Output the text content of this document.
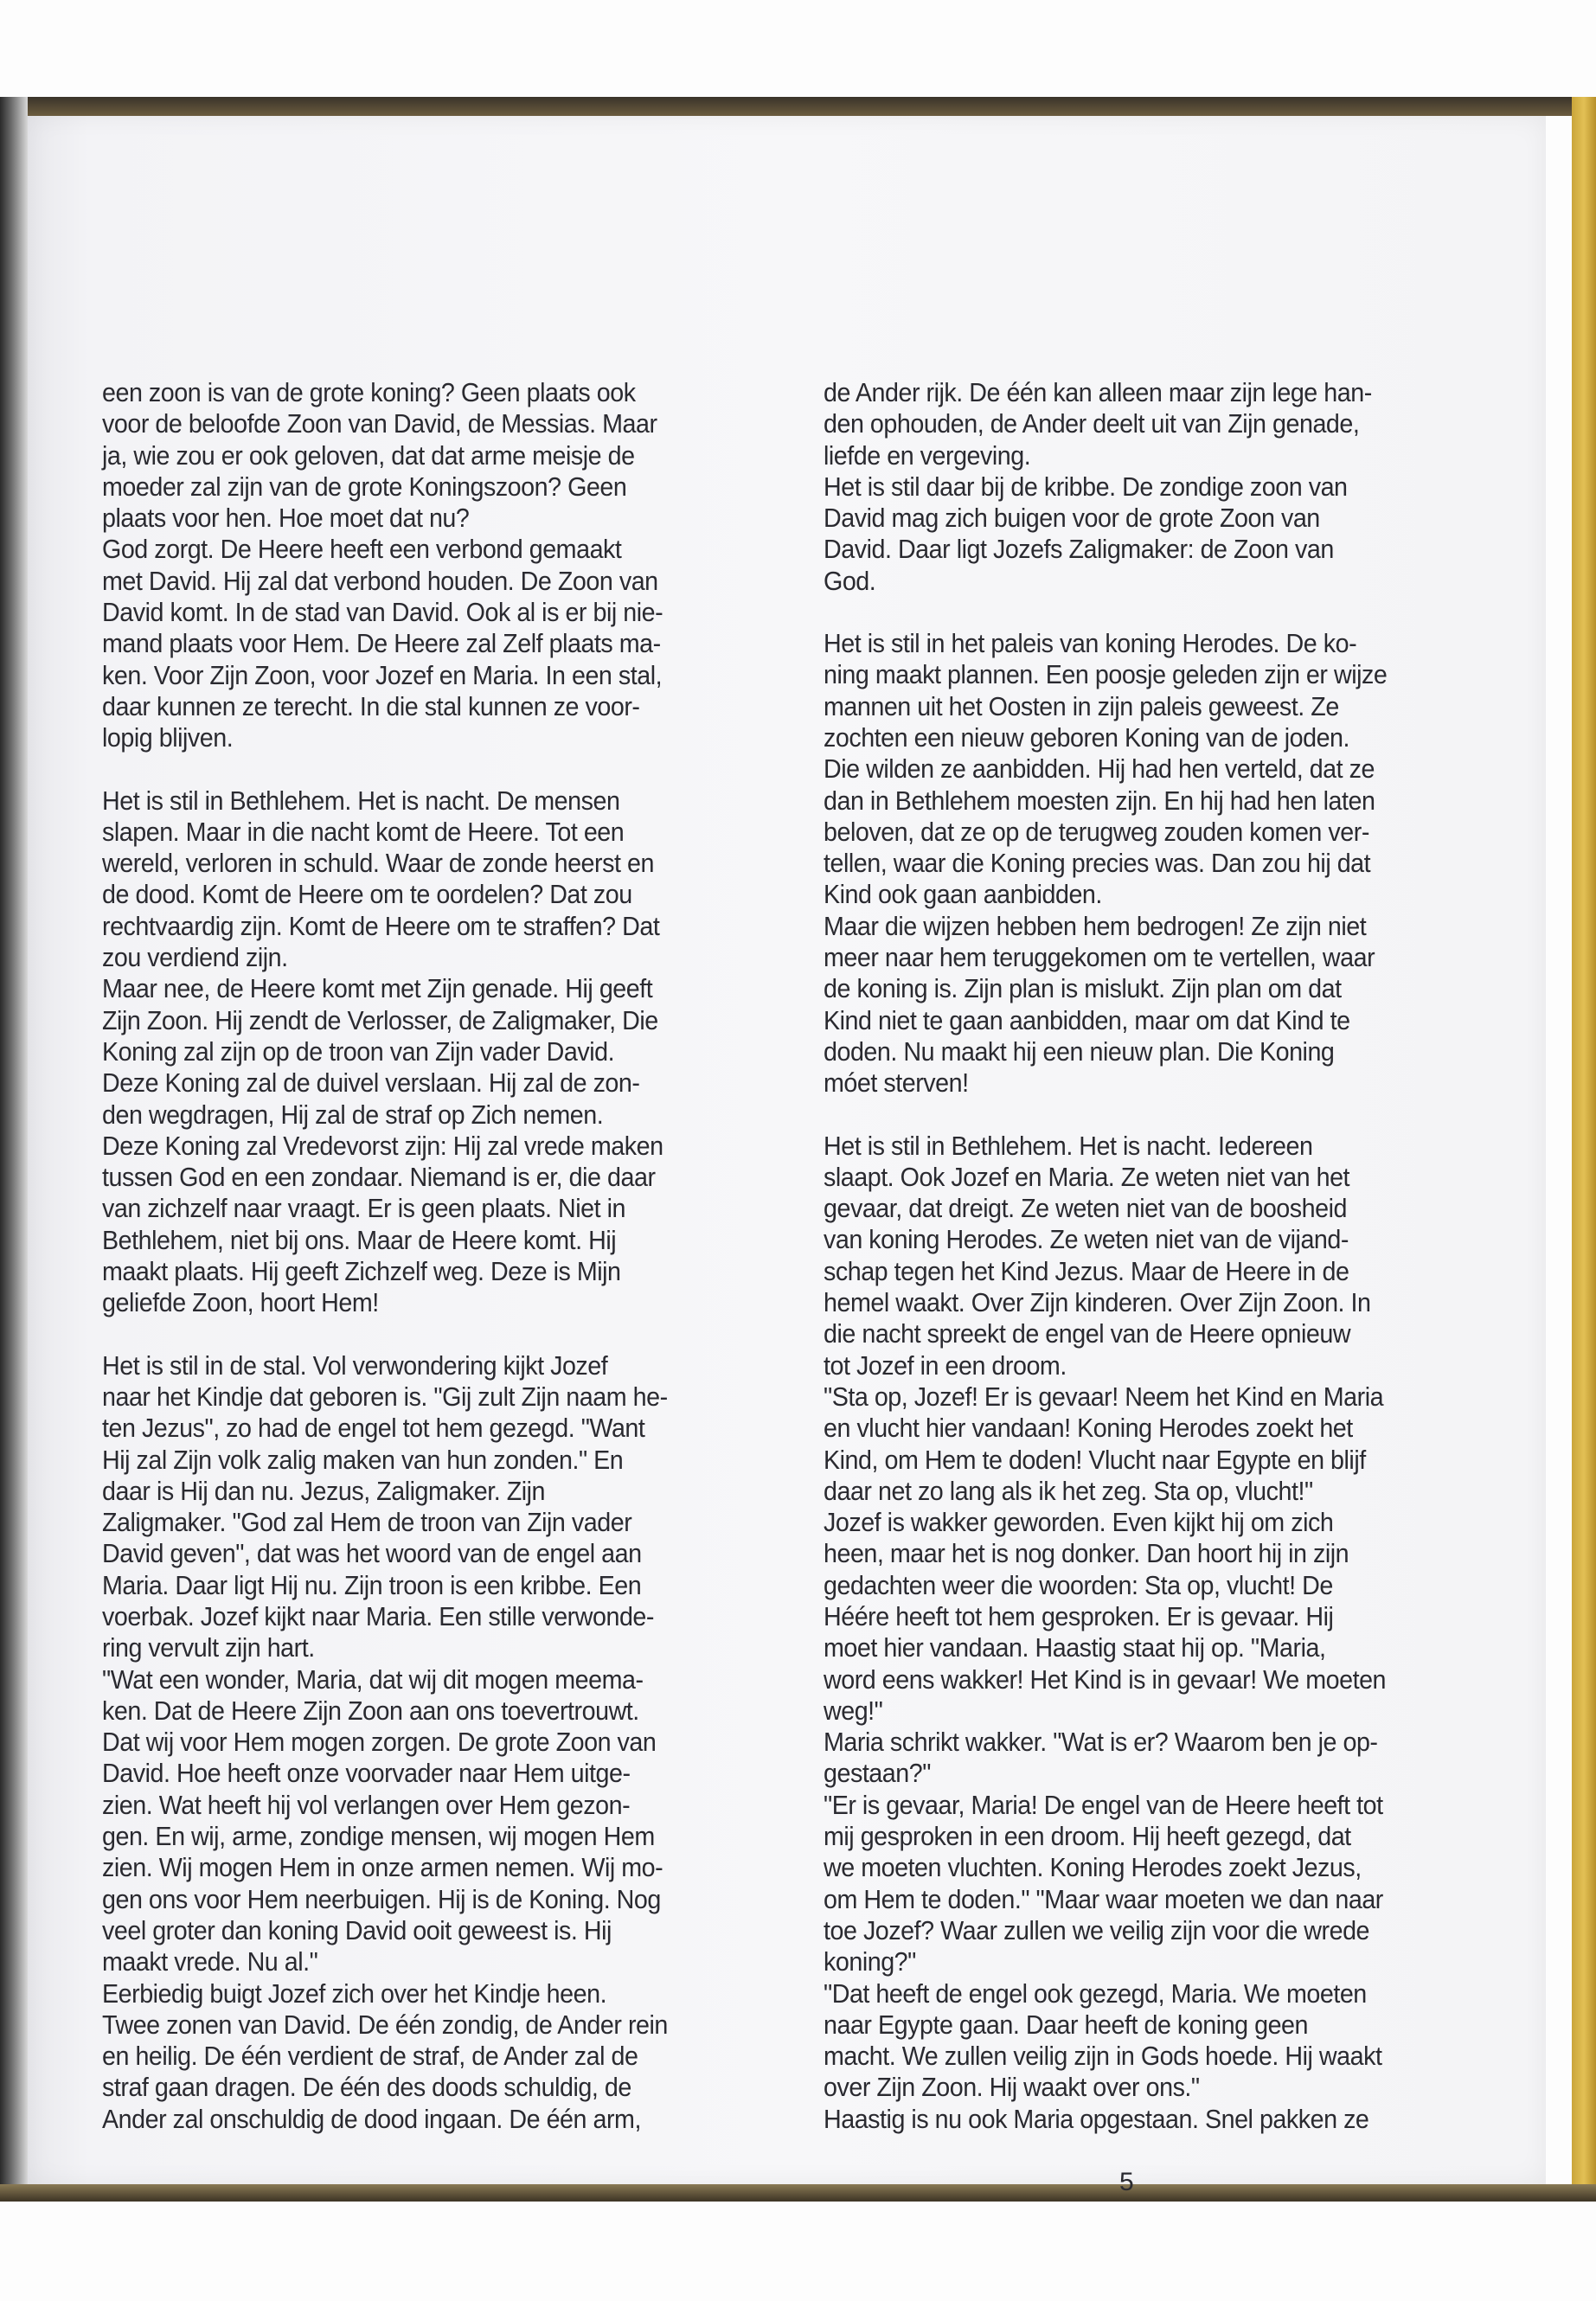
een zoon is van de grote koning? Geen plaats ook
voor de beloofde Zoon van David, de Messias. Maar
ja, wie zou er ook geloven, dat dat arme meisje de
moeder zal zijn van de grote Koningszoon? Geen
plaats voor hen. Hoe moet dat nu?
God zorgt. De Heere heeft een verbond gemaakt
met David. Hij zal dat verbond houden. De Zoon van
David komt. In de stad van David. Ook al is er bij nie-
mand plaats voor Hem. De Heere zal Zelf plaats ma-
ken. Voor Zijn Zoon, voor Jozef en Maria. In een stal,
daar kunnen ze terecht. In die stal kunnen ze voor-
lopig blijven.

Het is stil in Bethlehem. Het is nacht. De mensen
slapen. Maar in die nacht komt de Heere. Tot een
wereld, verloren in schuld. Waar de zonde heerst en
de dood. Komt de Heere om te oordelen? Dat zou
rechtvaardig zijn. Komt de Heere om te straffen? Dat
zou verdiend zijn.
Maar nee, de Heere komt met Zijn genade. Hij geeft
Zijn Zoon. Hij zendt de Verlosser, de Zaligmaker, Die
Koning zal zijn op de troon van Zijn vader David.
Deze Koning zal de duivel verslaan. Hij zal de zon-
den wegdragen, Hij zal de straf op Zich nemen.
Deze Koning zal Vredevorst zijn: Hij zal vrede maken
tussen God en een zondaar. Niemand is er, die daar
van zichzelf naar vraagt. Er is geen plaats. Niet in
Bethlehem, niet bij ons. Maar de Heere komt. Hij
maakt plaats. Hij geeft Zichzelf weg. Deze is Mijn
geliefde Zoon, hoort Hem!

Het is stil in de stal. Vol verwondering kijkt Jozef
naar het Kindje dat geboren is. "Gij zult Zijn naam he-
ten Jezus", zo had de engel tot hem gezegd. "Want
Hij zal Zijn volk zalig maken van hun zonden." En
daar is Hij dan nu. Jezus, Zaligmaker. Zijn
Zaligmaker. "God zal Hem de troon van Zijn vader
David geven", dat was het woord van de engel aan
Maria. Daar ligt Hij nu. Zijn troon is een kribbe. Een
voerbak. Jozef kijkt naar Maria. Een stille verwonde-
ring vervult zijn hart.
"Wat een wonder, Maria, dat wij dit mogen meema-
ken. Dat de Heere Zijn Zoon aan ons toevertrouwt.
Dat wij voor Hem mogen zorgen. De grote Zoon van
David. Hoe heeft onze voorvader naar Hem uitge-
zien. Wat heeft hij vol verlangen over Hem gezon-
gen. En wij, arme, zondige mensen, wij mogen Hem
zien. Wij mogen Hem in onze armen nemen. Wij mo-
gen ons voor Hem neerbuigen. Hij is de Koning. Nog
veel groter dan koning David ooit geweest is. Hij
maakt vrede. Nu al."
Eerbiedig buigt Jozef zich over het Kindje heen.
Twee zonen van David. De één zondig, de Ander rein
en heilig. De één verdient de straf, de Ander zal de
straf gaan dragen. De één des doods schuldig, de
Ander zal onschuldig de dood ingaan. De één arm,

de Ander rijk. De één kan alleen maar zijn lege han-
den ophouden, de Ander deelt uit van Zijn genade,
liefde en vergeving.
Het is stil daar bij de kribbe. De zondige zoon van
David mag zich buigen voor de grote Zoon van
David. Daar ligt Jozefs Zaligmaker: de Zoon van
God.

Het is stil in het paleis van koning Herodes. De ko-
ning maakt plannen. Een poosje geleden zijn er wijze
mannen uit het Oosten in zijn paleis geweest. Ze
zochten een nieuw geboren Koning van de joden.
Die wilden ze aanbidden. Hij had hen verteld, dat ze
dan in Bethlehem moesten zijn. En hij had hen laten
beloven, dat ze op de terugweg zouden komen ver-
tellen, waar die Koning precies was. Dan zou hij dat
Kind ook gaan aanbidden.
Maar die wijzen hebben hem bedrogen! Ze zijn niet
meer naar hem teruggekomen om te vertellen, waar
de koning is. Zijn plan is mislukt. Zijn plan om dat
Kind niet te gaan aanbidden, maar om dat Kind te
doden. Nu maakt hij een nieuw plan. Die Koning
móet sterven!

Het is stil in Bethlehem. Het is nacht. Iedereen
slaapt. Ook Jozef en Maria. Ze weten niet van het
gevaar, dat dreigt. Ze weten niet van de boosheid
van koning Herodes. Ze weten niet van de vijand-
schap tegen het Kind Jezus. Maar de Heere in de
hemel waakt. Over Zijn kinderen. Over Zijn Zoon. In
die nacht spreekt de engel van de Heere opnieuw
tot Jozef in een droom.
"Sta op, Jozef! Er is gevaar! Neem het Kind en Maria
en vlucht hier vandaan! Koning Herodes zoekt het
Kind, om Hem te doden! Vlucht naar Egypte en blijf
daar net zo lang als ik het zeg. Sta op, vlucht!"
Jozef is wakker geworden. Even kijkt hij om zich
heen, maar het is nog donker. Dan hoort hij in zijn
gedachten weer die woorden: Sta op, vlucht! De
Héére heeft tot hem gesproken. Er is gevaar. Hij
moet hier vandaan. Haastig staat hij op. "Maria,
word eens wakker! Het Kind is in gevaar! We moeten
weg!"
Maria schrikt wakker. "Wat is er? Waarom ben je op-
gestaan?"
"Er is gevaar, Maria! De engel van de Heere heeft tot
mij gesproken in een droom. Hij heeft gezegd, dat
we moeten vluchten. Koning Herodes zoekt Jezus,
om Hem te doden." "Maar waar moeten we dan naar
toe Jozef? Waar zullen we veilig zijn voor die wrede
koning?"
"Dat heeft de engel ook gezegd, Maria. We moeten
naar Egypte gaan. Daar heeft de koning geen
macht. We zullen veilig zijn in Gods hoede. Hij waakt
over Zijn Zoon. Hij waakt over ons."
Haastig is nu ook Maria opgestaan. Snel pakken ze

5
